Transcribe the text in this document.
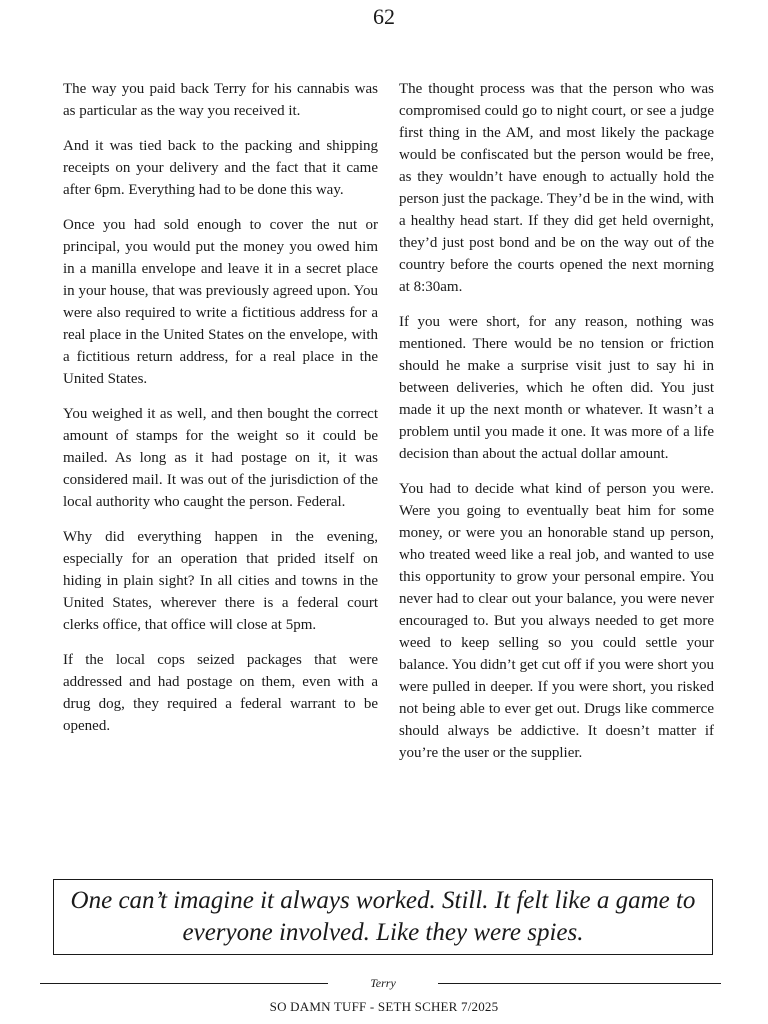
62

The way you paid back Terry for his cannabis was as particular as the way you received it.

And it was tied back to the packing and shipping receipts on your delivery and the fact that it came after 6pm. Everything had to be done this way.

Once you had sold enough to cover the nut or principal, you would put the money you owed him in a manilla envelope and leave it in a secret place in your house, that was previously agreed upon. You were also required to write a fictitious address for a real place in the United States on the envelope, with a fictitious return address, for a real place in the United States.

You weighed it as well, and then bought the correct amount of stamps for the weight so it could be mailed. As long as it had postage on it, it was considered mail. It was out of the jurisdiction of the local authority who caught the person. Federal.

Why did everything happen in the evening, especially for an operation that prided itself on hiding in plain sight? In all cities and towns in the United States, wherever there is a federal court clerks office, that office will close at 5pm.

If the local cops seized packages that were addressed and had postage on them, even with a drug dog, they required a federal warrant to be opened.

The thought process was that the person who was compromised could go to night court, or see a judge first thing in the AM, and most likely the package would be confiscated but the person would be free, as they wouldn’t have enough to actually hold the person just the package. They’d be in the wind, with a healthy head start. If they did get held overnight, they’d just post bond and be on the way out of the country before the courts opened the next morning at 8:30am.

If you were short, for any reason, nothing was mentioned. There would be no tension or friction should he make a surprise visit just to say hi in between deliveries, which he often did. You just made it up the next month or whatever. It wasn’t a problem until you made it one. It was more of a life decision than about the actual dollar amount.

You had to decide what kind of person you were. Were you going to eventually beat him for some money, or were you an honorable stand up person, who treated weed like a real job, and wanted to use this opportunity to grow your personal empire. You never had to clear out your balance, you were never encouraged to. But you always needed to get more weed to keep selling so you could settle your balance. You didn’t get cut off if you were short you were pulled in deeper. If you were short, you risked not being able to ever get out. Drugs like commerce should always be addictive. It doesn’t matter if you’re the user or the supplier.

One can’t imagine it always worked. Still. It felt like a game to everyone involved. Like they were spies.
Terry
SO DAMN TUFF - SETH SCHER 7/2025
